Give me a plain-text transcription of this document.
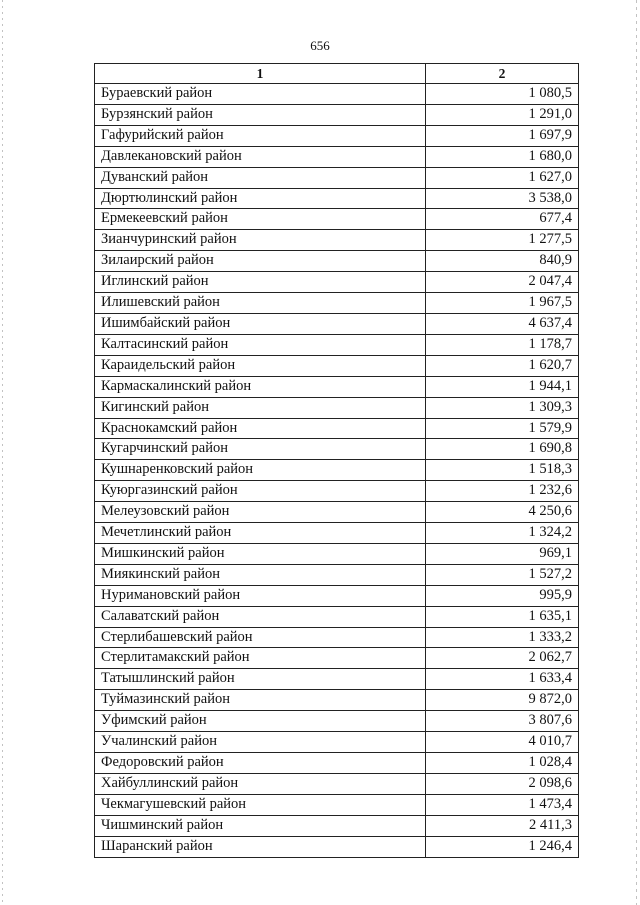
656
1	2
Бураевский район	1 080,5
Бурзянский район	1 291,0
Гафурийский район	1 697,9
Давлекановский район	1 680,0
Дуванский район	1 627,0
Дюртюлинский район	3 538,0
Ермекеевский район	677,4
Зианчуринский район	1 277,5
Зилаирский район	840,9
Иглинский район	2 047,4
Илишевский район	1 967,5
Ишимбайский район	4 637,4
Калтасинский район	1 178,7
Караидельский район	1 620,7
Кармаскалинский район	1 944,1
Кигинский район	1 309,3
Краснокамский район	1 579,9
Кугарчинский район	1 690,8
Кушнаренковский район	1 518,3
Куюргазинский район	1 232,6
Мелеузовский район	4 250,6
Мечетлинский район	1 324,2
Мишкинский район	969,1
Миякинский район	1 527,2
Нуримановский район	995,9
Салаватский район	1 635,1
Стерлибашевский район	1 333,2
Стерлитамакский район	2 062,7
Татышлинский район	1 633,4
Туймазинский район	9 872,0
Уфимский район	3 807,6
Учалинский район	4 010,7
Федоровский район	1 028,4
Хайбуллинский район	2 098,6
Чекмагушевский район	1 473,4
Чишминский район	2 411,3
Шаранский район	1 246,4
